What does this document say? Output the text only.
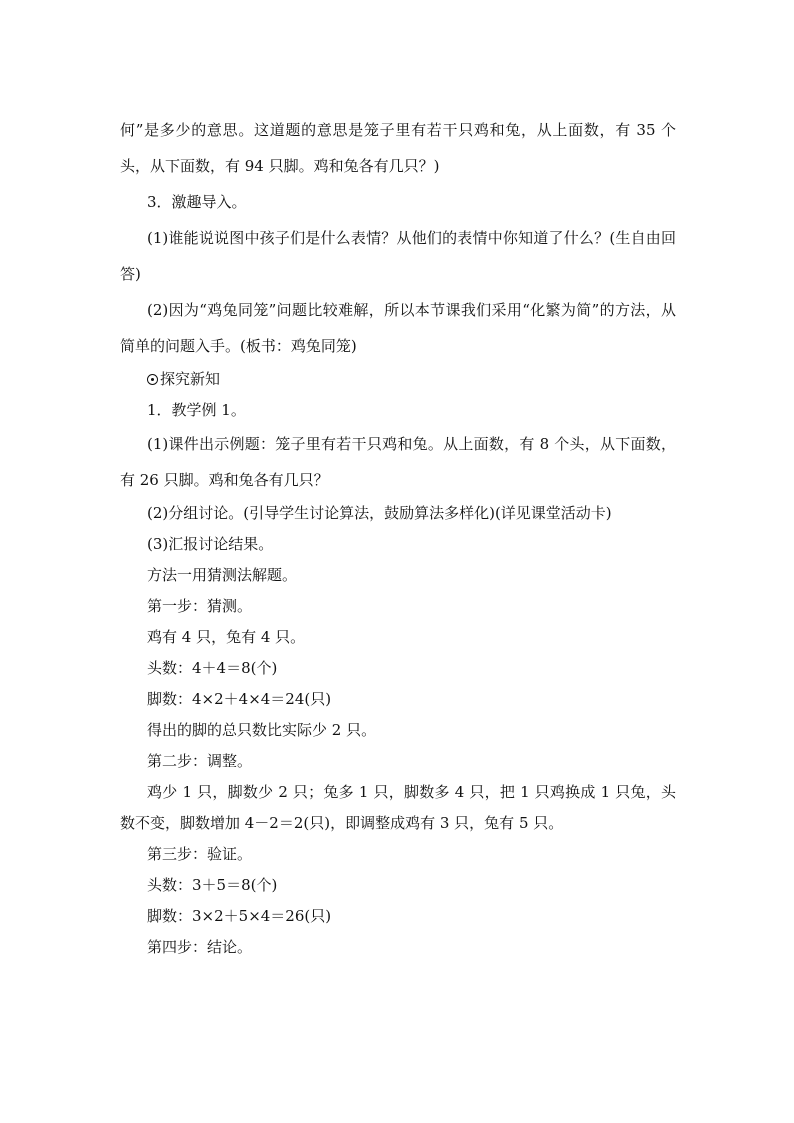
何”是多少的意思。这道题的意思是笼子里有若干只鸡和兔，从上面数，有 35 个头，从下面数，有 94 只脚。鸡和兔各有几只？)

3．激趣导入。

(1)谁能说说图中孩子们是什么表情？从他们的表情中你知道了什么？(生自由回答)

(2)因为“鸡兔同笼”问题比较难解，所以本节课我们采用“化繁为简”的方法，从简单的问题入手。(板书：鸡兔同笼)

探究新知

1．教学例 1。

(1)课件出示例题：笼子里有若干只鸡和兔。从上面数，有 8 个头，从下面数，有 26 只脚。鸡和兔各有几只？

(2)分组讨论。(引导学生讨论算法，鼓励算法多样化)(详见课堂活动卡)

(3)汇报讨论结果。

方法一用猜测法解题。

第一步：猜测。

鸡有 4 只，兔有 4 只。

头数：4＋4＝8(个)

脚数：4×2＋4×4＝24(只)

得出的脚的总只数比实际少 2 只。

第二步：调整。

鸡少 1 只，脚数少 2 只；兔多 1 只，脚数多 4 只，把 1 只鸡换成 1 只兔，头数不变，脚数增加 4－2＝2(只)，即调整成鸡有 3 只，兔有 5 只。

第三步：验证。

头数：3＋5＝8(个)

脚数：3×2＋5×4＝26(只)

第四步：结论。
